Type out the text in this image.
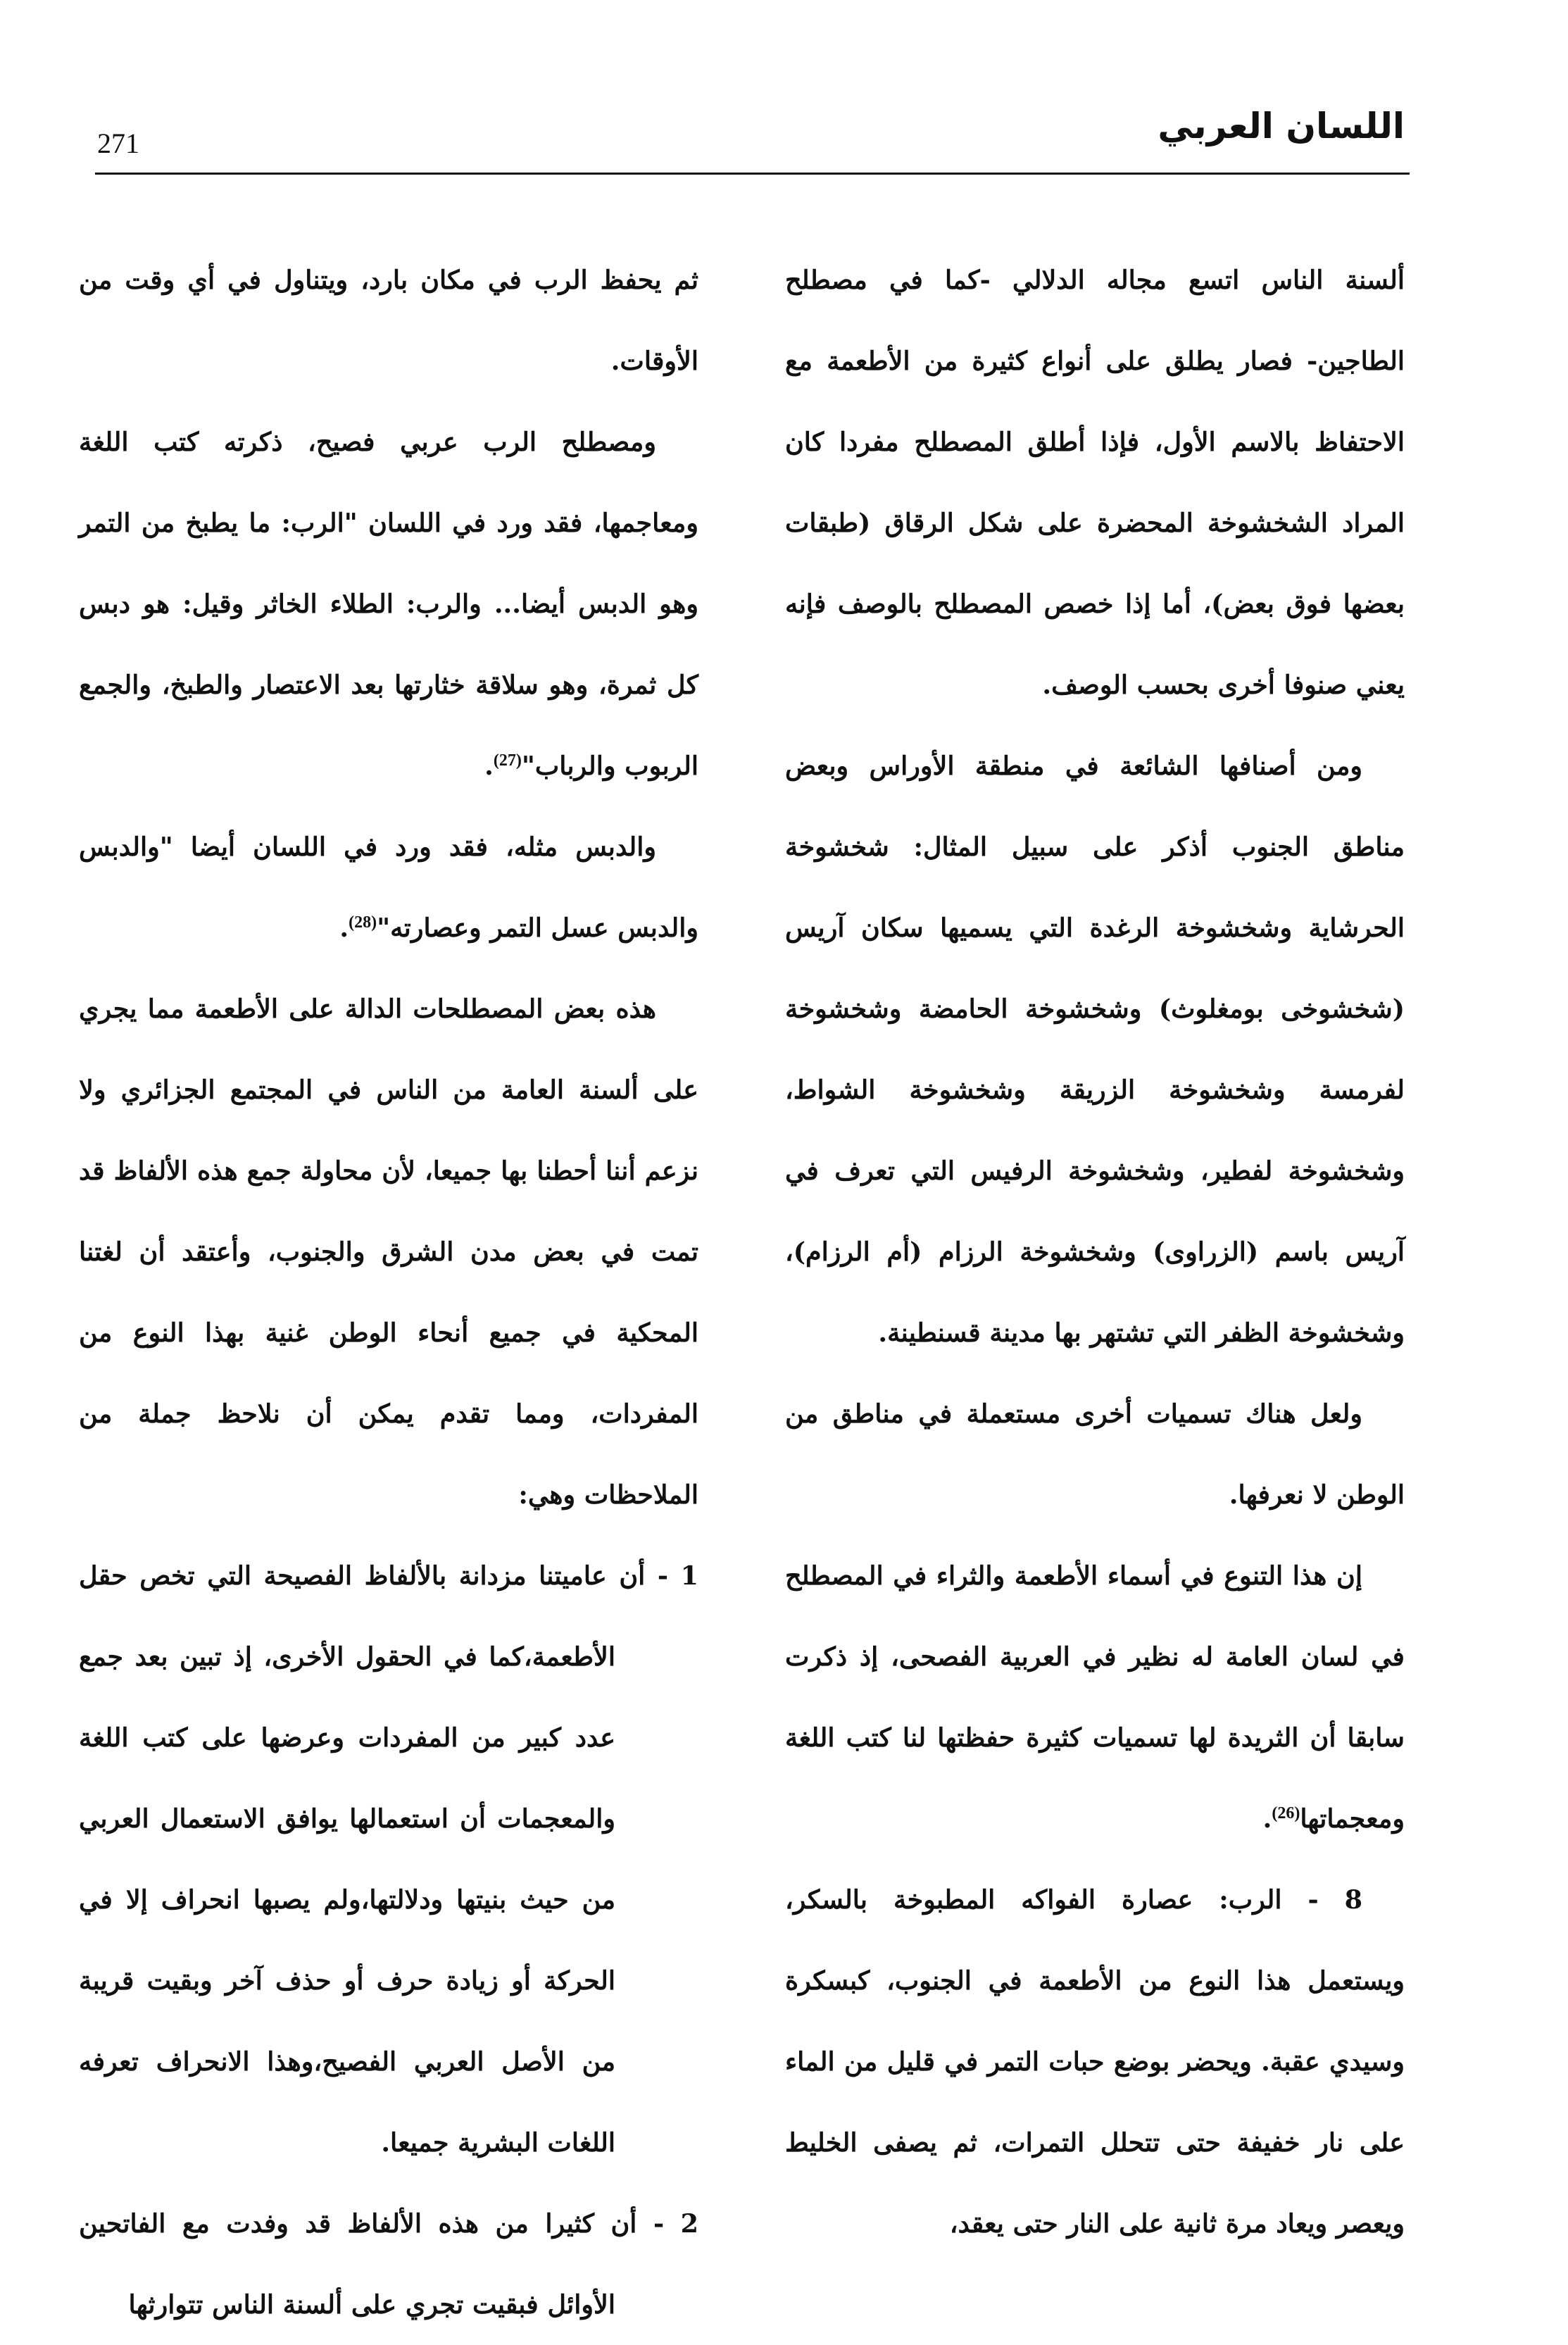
اللسان العربي
271

ألسنة الناس اتسع مجاله الدلالي -كما في مصطلح الطاجين- فصار يطلق على أنواع كثيرة من الأطعمة مع الاحتفاظ بالاسم الأول، فإذا أطلق المصطلح مفردا كان المراد الشخشوخة المحضرة على شكل الرقاق (طبقات بعضها فوق بعض)، أما إذا خصص المصطلح بالوصف فإنه يعني صنوفا أخرى بحسب الوصف.

ومن أصنافها الشائعة في منطقة الأوراس وبعض مناطق الجنوب أذكر على سبيل المثال: شخشوخة الحرشاية وشخشوخة الرغدة التي يسميها سكان آريس (شخشوخى بومغلوث) وشخشوخة الحامضة وشخشوخة لفرمسة وشخشوخة الزريقة وشخشوخة الشواط، وشخشوخة لفطير، وشخشوخة الرفيس التي تعرف في آريس باسم (الزراوى) وشخشوخة الرزام (أم الرزام)، وشخشوخة الظفر التي تشتهر بها مدينة قسنطينة.

ولعل هناك تسميات أخرى مستعملة في مناطق من الوطن لا نعرفها.

إن هذا التنوع في أسماء الأطعمة والثراء في المصطلح في لسان العامة له نظير في العربية الفصحى، إذ ذكرت سابقا أن الثريدة لها تسميات كثيرة حفظتها لنا كتب اللغة ومعجماتها$^{(26)}$.

8 - الرب: عصارة الفواكه المطبوخة بالسكر، ويستعمل هذا النوع من الأطعمة في الجنوب، كبسكرة وسيدي عقبة. ويحضر بوضع حبات التمر في قليل من الماء على نار خفيفة حتى تتحلل التمرات، ثم يصفى الخليط ويعصر ويعاد مرة ثانية على النار حتى يعقد،

ثم يحفظ الرب في مكان بارد، ويتناول في أي وقت من الأوقات.

ومصطلح الرب عربي فصيح، ذكرته كتب اللغة ومعاجمها، فقد ورد في اللسان "الرب: ما يطبخ من التمر وهو الدبس أيضا... والرب: الطلاء الخاثر وقيل: هو دبس كل ثمرة، وهو سلاقة خثارتها بعد الاعتصار والطبخ، والجمع الربوب والرباب"$^{(27)}$.

والدبس مثله، فقد ورد في اللسان أيضا "والدبس والدبس عسل التمر وعصارته"$^{(28)}$.

هذه بعض المصطلحات الدالة على الأطعمة مما يجري على ألسنة العامة من الناس في المجتمع الجزائري ولا نزعم أننا أحطنا بها جميعا، لأن محاولة جمع هذه الألفاظ قد تمت في بعض مدن الشرق والجنوب، وأعتقد أن لغتنا المحكية في جميع أنحاء الوطن غنية بهذا النوع من المفردات، ومما تقدم يمكن أن نلاحظ جملة من الملاحظات وهي:

1 - أن عاميتنا مزدانة بالألفاظ الفصيحة التي تخص حقل الأطعمة،كما في الحقول الأخرى، إذ تبين بعد جمع عدد كبير من المفردات وعرضها على كتب اللغة والمعجمات أن استعمالها يوافق الاستعمال العربي من حيث بنيتها ودلالتها،ولم يصبها انحراف إلا في الحركة أو زيادة حرف أو حذف آخر وبقيت قريبة من الأصل العربي الفصيح،وهذا الانحراف تعرفه اللغات البشرية جميعا.

2 - أن كثيرا من هذه الألفاظ قد وفدت مع الفاتحين الأوائل فبقيت تجري على ألسنة الناس تتوارثها
